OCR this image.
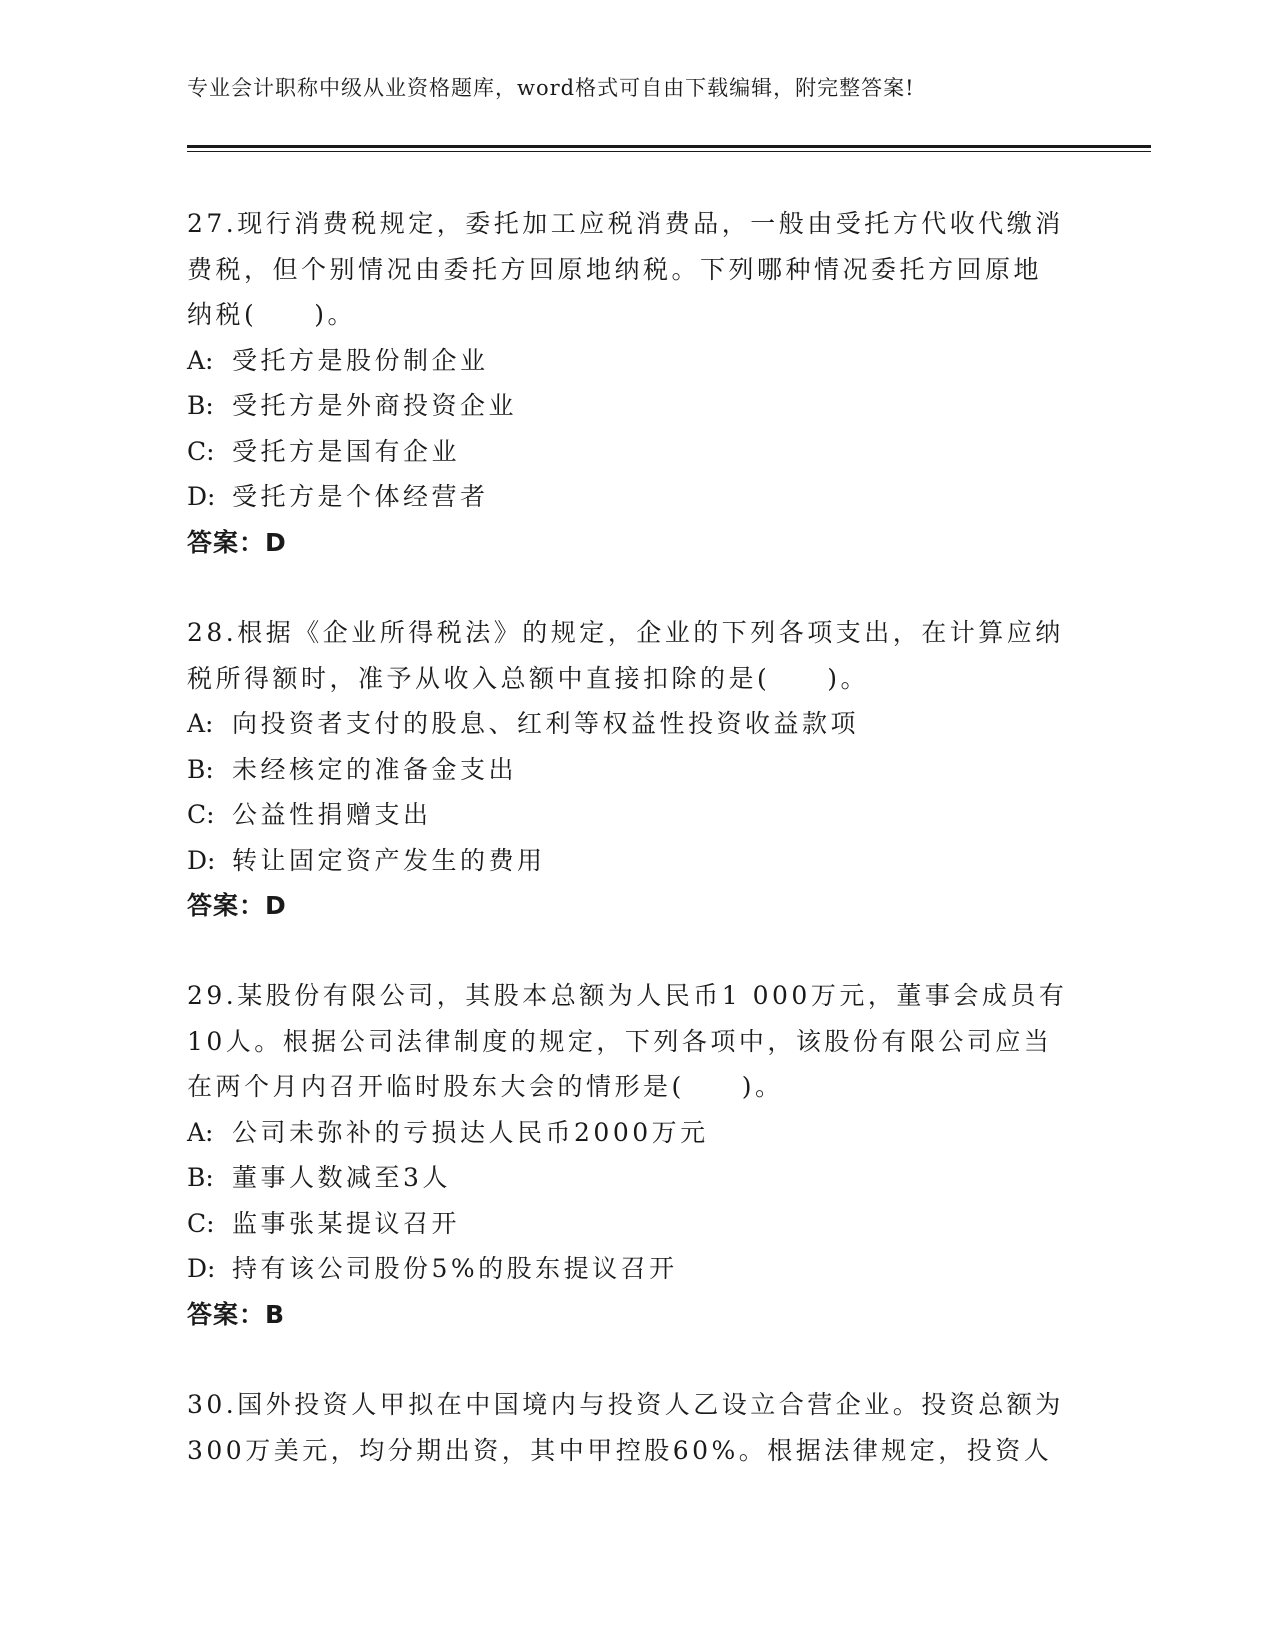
专业会计职称中级从业资格题库，word格式可自由下载编辑，附完整答案!
27.现行消费税规定，委托加工应税消费品，一般由受托方代收代缴消
费税，但个别情况由委托方回原地纳税。下列哪种情况委托方回原地
纳税(　　)。
A: 受托方是股份制企业
B: 受托方是外商投资企业
C: 受托方是国有企业
D: 受托方是个体经营者
答案：D
28.根据《企业所得税法》的规定，企业的下列各项支出，在计算应纳
税所得额时，准予从收入总额中直接扣除的是(　　)。
A: 向投资者支付的股息、红利等权益性投资收益款项
B: 未经核定的准备金支出
C: 公益性捐赠支出
D: 转让固定资产发生的费用
答案：D
29.某股份有限公司，其股本总额为人民币1 000万元，董事会成员有
10人。根据公司法律制度的规定，下列各项中，该股份有限公司应当
在两个月内召开临时股东大会的情形是(　　)。
A: 公司未弥补的亏损达人民币2000万元
B: 董事人数减至3人
C: 监事张某提议召开
D: 持有该公司股份5%的股东提议召开
答案：B
30.国外投资人甲拟在中国境内与投资人乙设立合营企业。投资总额为
300万美元，均分期出资，其中甲控股60%。根据法律规定，投资人
